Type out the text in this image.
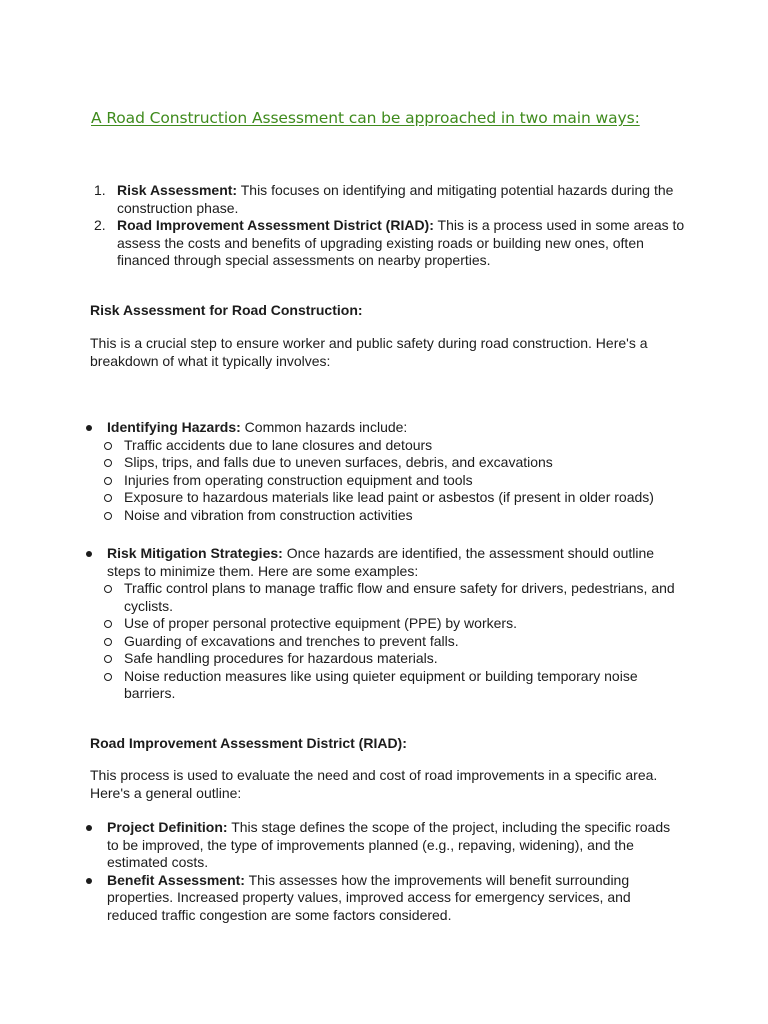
A Road Construction Assessment can be approached in two main ways:
1. Risk Assessment: This focuses on identifying and mitigating potential hazards during the construction phase.
2. Road Improvement Assessment District (RIAD): This is a process used in some areas to assess the costs and benefits of upgrading existing roads or building new ones, often financed through special assessments on nearby properties.

Risk Assessment for Road Construction:

This is a crucial step to ensure worker and public safety during road construction. Here's a breakdown of what it typically involves:

Identifying Hazards: Common hazards include:
Traffic accidents due to lane closures and detours
Slips, trips, and falls due to uneven surfaces, debris, and excavations
Injuries from operating construction equipment and tools
Exposure to hazardous materials like lead paint or asbestos (if present in older roads)
Noise and vibration from construction activities
Risk Mitigation Strategies: Once hazards are identified, the assessment should outline steps to minimize them. Here are some examples:
Traffic control plans to manage traffic flow and ensure safety for drivers, pedestrians, and cyclists.
Use of proper personal protective equipment (PPE) by workers.
Guarding of excavations and trenches to prevent falls.
Safe handling procedures for hazardous materials.
Noise reduction measures like using quieter equipment or building temporary noise barriers.

Road Improvement Assessment District (RIAD):

This process is used to evaluate the need and cost of road improvements in a specific area. Here's a general outline:

Project Definition: This stage defines the scope of the project, including the specific roads to be improved, the type of improvements planned (e.g., repaving, widening), and the estimated costs.
Benefit Assessment: This assesses how the improvements will benefit surrounding properties. Increased property values, improved access for emergency services, and reduced traffic congestion are some factors considered.
